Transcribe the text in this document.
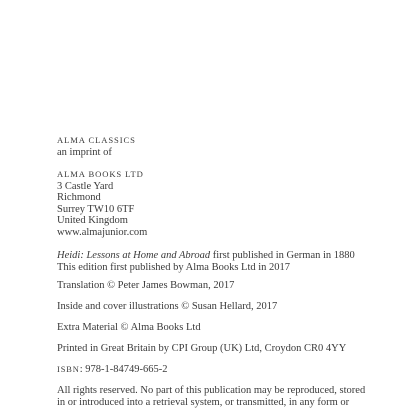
ALMA CLASSICS
an imprint of
ALMA BOOKS LTD
3 Castle Yard
Richmond
Surrey TW10 6TF
United Kingdom
www.almajunior.com
Heidi: Lessons at Home and Abroad first published in German in 1880
This edition first published by Alma Books Ltd in 2017
Translation © Peter James Bowman, 2017
Inside and cover illustrations © Susan Hellard, 2017
Extra Material © Alma Books Ltd
Printed in Great Britain by CPI Group (UK) Ltd, Croydon CR0 4YY
ISBN: 978-1-84749-665-2
All rights reserved. No part of this publication may be reproduced, stored
in or introduced into a retrieval system, or transmitted, in any form or
